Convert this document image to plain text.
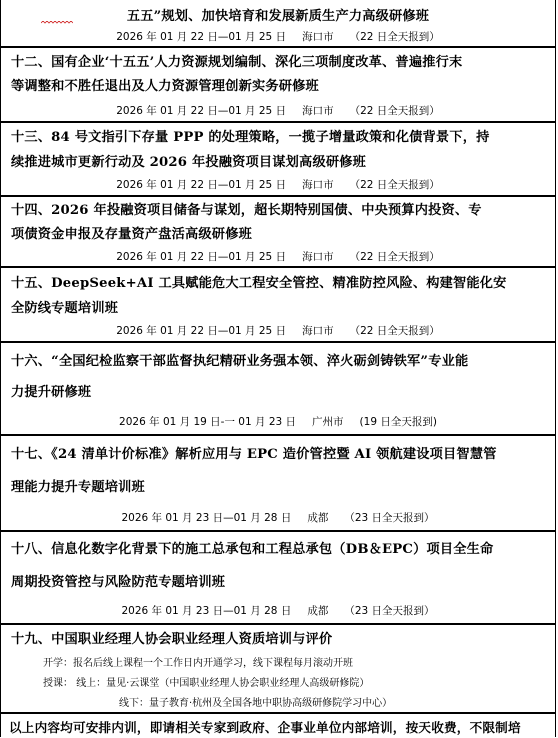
五五”规划、加快培育和发展新质生产力高级研修班
2026 年 01 月 22 日—01 月 25 日 海口市 （22 日全天报到）
十二、国有企业‘十五五’人力资源规划编制、深化三项制度改革、普遍推行末
等调整和不胜任退出及人力资源管理创新实务研修班
2026 年 01 月 22 日—01 月 25 日 海口市 （22 日全天报到）
十三、84 号文指引下存量 PPP 的处理策略，一揽子增量政策和化债背景下，持
续推进城市更新行动及 2026 年投融资项目谋划高级研修班
2026 年 01 月 22 日—01 月 25 日 海口市 （22 日全天报到）
十四、2026 年投融资项目储备与谋划，超长期特别国债、中央预算内投资、专
项债资金申报及存量资产盘活高级研修班
2026 年 01 月 22 日—01 月 25 日 海口市 （22 日全天报到）
十五、DeepSeek+AI 工具赋能危大工程安全管控、精准防控风险、构建智能化安
全防线专题培训班
2026 年 01 月 22 日—01 月 25 日 海口市 （22 日全天报到）
十六、“全国纪检监察干部监督执纪精研业务强本领、淬火砺剑铸铁军”专业能
力提升研修班
2026 年 01 月 19 日-一 01 月 23 日 广州市 (19 日全天报到)
十七、《24 清单计价标准》解析应用与 EPC 造价管控暨 AI 领航建设项目智慧管
理能力提升专题培训班
2026 年 01 月 23 日—01 月 28 日 成都 （23 日全天报到）
十八、信息化数字化背景下的施工总承包和工程总承包（DB＆EPC）项目全生命
周期投资管控与风险防范专题培训班
2026 年 01 月 23 日—01 月 28 日 成都 （23 日全天报到）
十九、中国职业经理人协会职业经理人资质培训与评价
开学：报名后线上课程一个工作日内开通学习，线下课程每月滚动开班
授课： 线上：量见·云课堂（中国职业经理人协会职业经理人高级研修院）
线下：量子教育·杭州及全国各地中职协高级研修院学习中心）
以上内容均可安排内训，即请相关专家到政府、企事业单位内部培训，按天收费，不限制培
